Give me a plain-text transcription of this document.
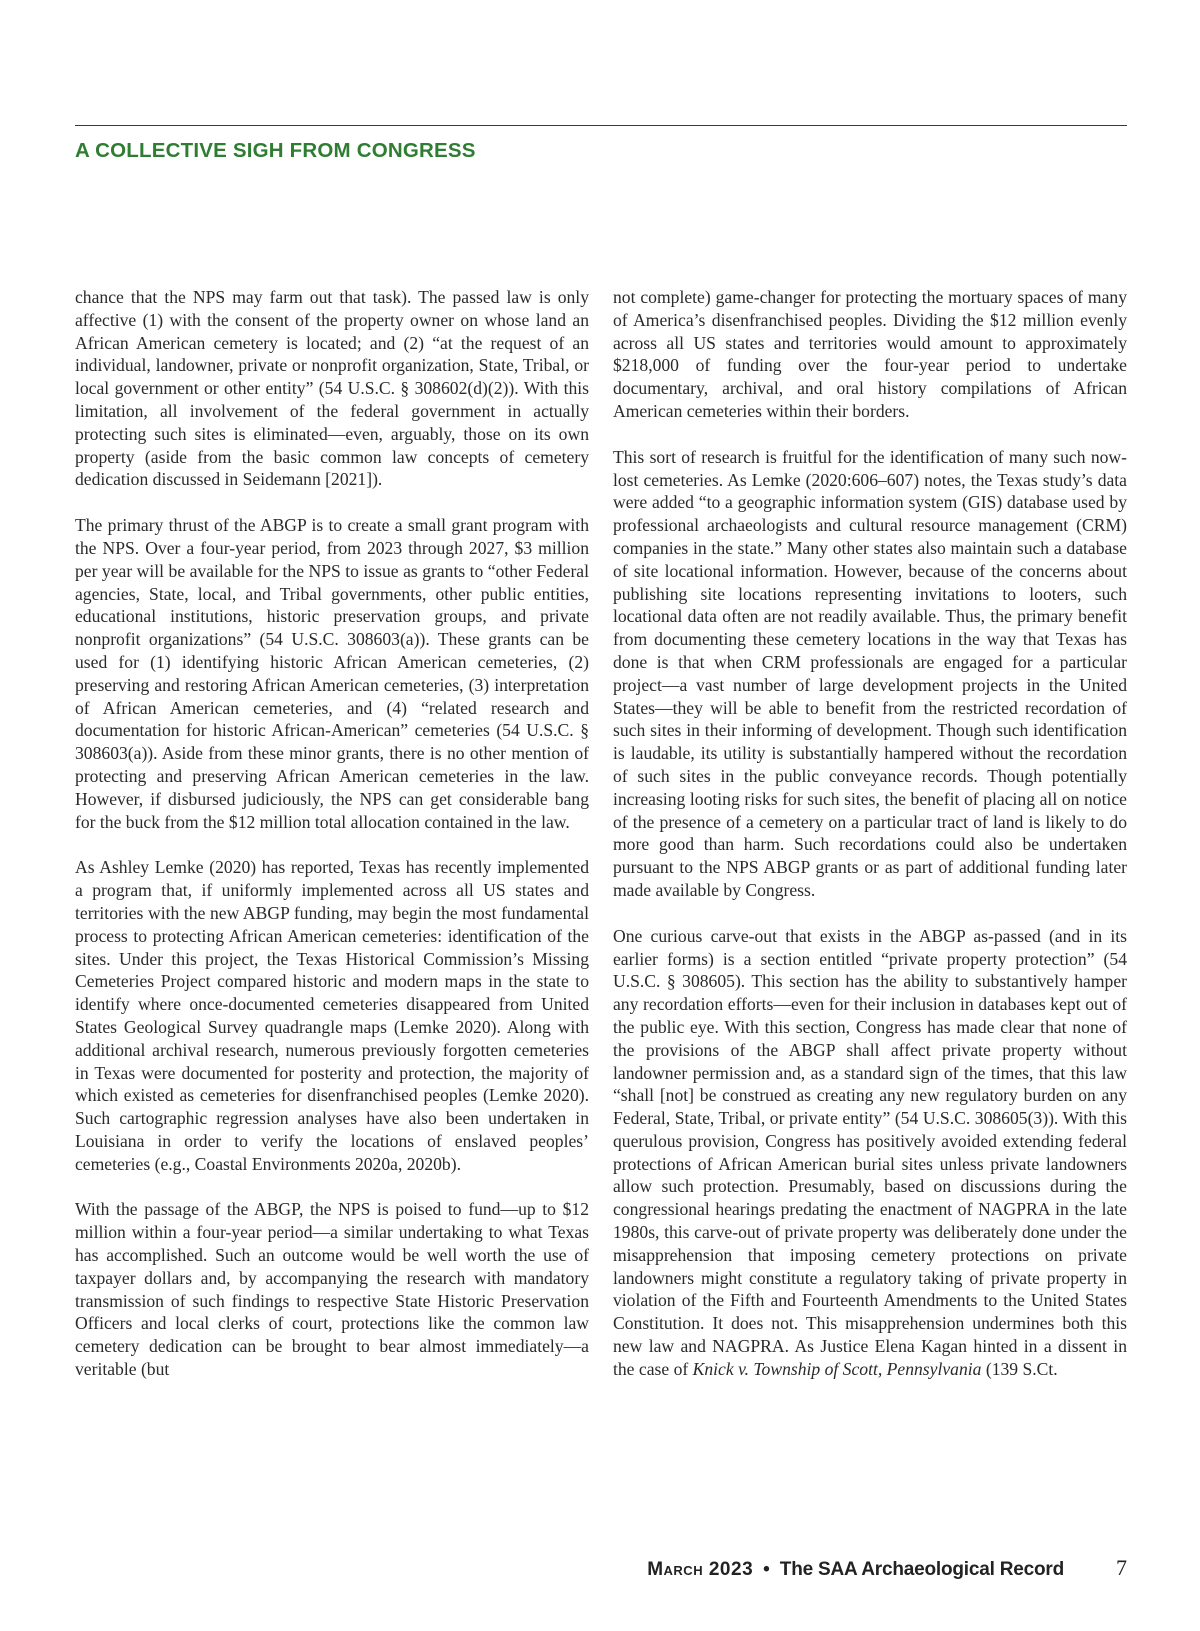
A COLLECTIVE SIGH FROM CONGRESS

chance that the NPS may farm out that task). The passed law is only affective (1) with the consent of the property owner on whose land an African American cemetery is located; and (2) “at the request of an individual, landowner, private or nonprofit organization, State, Tribal, or local government or other entity” (54 U.S.C. § 308602(d)(2)). With this limitation, all involvement of the federal government in actually protecting such sites is eliminated—even, arguably, those on its own property (aside from the basic common law concepts of cemetery dedication discussed in Seidemann [2021]).

The primary thrust of the ABGP is to create a small grant program with the NPS. Over a four-year period, from 2023 through 2027, $3 million per year will be available for the NPS to issue as grants to “other Federal agencies, State, local, and Tribal governments, other public entities, educational institutions, historic preservation groups, and private nonprofit organizations” (54 U.S.C. 308603(a)). These grants can be used for (1) identifying historic African American cemeteries, (2) preserving and restoring African American cemeteries, (3) interpretation of African American cemeteries, and (4) “related research and documentation for historic African-American” cemeteries (54 U.S.C. § 308603(a)). Aside from these minor grants, there is no other mention of protecting and preserving African American cemeteries in the law. However, if disbursed judiciously, the NPS can get considerable bang for the buck from the $12 million total allocation contained in the law.

As Ashley Lemke (2020) has reported, Texas has recently implemented a program that, if uniformly implemented across all US states and territories with the new ABGP funding, may begin the most fundamental process to protecting African American cemeteries: identification of the sites. Under this project, the Texas Historical Commission’s Missing Cemeteries Project compared historic and modern maps in the state to identify where once-documented cemeteries disappeared from United States Geological Survey quadrangle maps (Lemke 2020). Along with additional archival research, numerous previously forgotten cemeteries in Texas were documented for posterity and protection, the majority of which existed as cemeteries for disenfranchised peoples (Lemke 2020). Such cartographic regression analyses have also been undertaken in Louisiana in order to verify the locations of enslaved peoples’ cemeteries (e.g., Coastal Environments 2020a, 2020b).

With the passage of the ABGP, the NPS is poised to fund—up to $12 million within a four-year period—a similar undertaking to what Texas has accomplished. Such an outcome would be well worth the use of taxpayer dollars and, by accompanying the research with mandatory transmission of such findings to respective State Historic Preservation Officers and local clerks of court, protections like the common law cemetery dedication can be brought to bear almost immediately—a veritable (but

not complete) game-changer for protecting the mortuary spaces of many of America’s disenfranchised peoples. Dividing the $12 million evenly across all US states and territories would amount to approximately $218,000 of funding over the four-year period to undertake documentary, archival, and oral history compilations of African American cemeteries within their borders.

This sort of research is fruitful for the identification of many such now-lost cemeteries. As Lemke (2020:606–607) notes, the Texas study’s data were added “to a geographic information system (GIS) database used by professional archaeologists and cultural resource management (CRM) companies in the state.” Many other states also maintain such a database of site locational information. However, because of the concerns about publishing site locations representing invitations to looters, such locational data often are not readily available. Thus, the primary benefit from documenting these cemetery locations in the way that Texas has done is that when CRM professionals are engaged for a particular project—a vast number of large development projects in the United States—they will be able to benefit from the restricted recordation of such sites in their informing of development. Though such identification is laudable, its utility is substantially hampered without the recordation of such sites in the public conveyance records. Though potentially increasing looting risks for such sites, the benefit of placing all on notice of the presence of a cemetery on a particular tract of land is likely to do more good than harm. Such recordations could also be undertaken pursuant to the NPS ABGP grants or as part of additional funding later made available by Congress.

One curious carve-out that exists in the ABGP as-passed (and in its earlier forms) is a section entitled “private property protection” (54 U.S.C. § 308605). This section has the ability to substantively hamper any recordation efforts—even for their inclusion in databases kept out of the public eye. With this section, Congress has made clear that none of the provisions of the ABGP shall affect private property without landowner permission and, as a standard sign of the times, that this law “shall [not] be construed as creating any new regulatory burden on any Federal, State, Tribal, or private entity” (54 U.S.C. 308605(3)). With this querulous provision, Congress has positively avoided extending federal protections of African American burial sites unless private landowners allow such protection. Presumably, based on discussions during the congressional hearings predating the enactment of NAGPRA in the late 1980s, this carve-out of private property was deliberately done under the misapprehension that imposing cemetery protections on private landowners might constitute a regulatory taking of private property in violation of the Fifth and Fourteenth Amendments to the United States Constitution. It does not. This misapprehension undermines both this new law and NAGPRA. As Justice Elena Kagan hinted in a dissent in the case of Knick v. Township of Scott, Pennsylvania (139 S.Ct.

March 2023 • The SAA Archaeological Record 7
